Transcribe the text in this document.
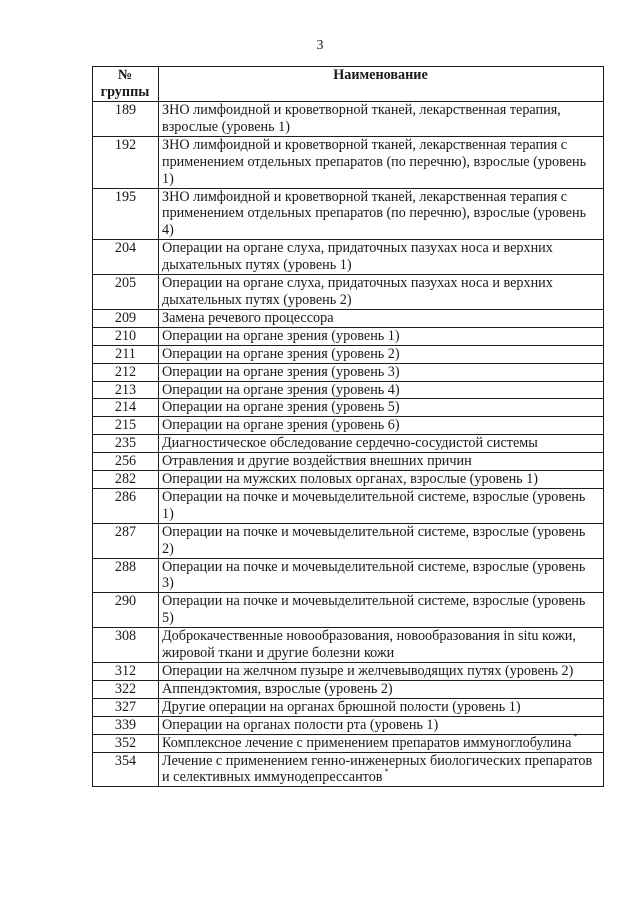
3
№
группы	Наименование
189	ЗНО лимфоидной и кроветворной тканей, лекарственная терапия, взрослые (уровень 1)
192	ЗНО лимфоидной и кроветворной тканей, лекарственная терапия с применением отдельных препаратов (по перечню), взрослые (уровень 1)
195	ЗНО лимфоидной и кроветворной тканей, лекарственная терапия с применением отдельных препаратов (по перечню), взрослые (уровень 4)
204	Операции на органе слуха, придаточных пазухах носа и верхних дыхательных путях (уровень 1)
205	Операции на органе слуха, придаточных пазухах носа и верхних дыхательных путях (уровень 2)
209	Замена речевого процессора
210	Операции на органе зрения (уровень 1)
211	Операции на органе зрения (уровень 2)
212	Операции на органе зрения (уровень 3)
213	Операции на органе зрения (уровень 4)
214	Операции на органе зрения (уровень 5)
215	Операции на органе зрения (уровень 6)
235	Диагностическое обследование сердечно-сосудистой системы
256	Отравления и другие воздействия внешних причин
282	Операции на мужских половых органах, взрослые (уровень 1)
286	Операции на почке и мочевыделительной системе, взрослые (уровень 1)
287	Операции на почке и мочевыделительной системе, взрослые (уровень 2)
288	Операции на почке и мочевыделительной системе, взрослые (уровень 3)
290	Операции на почке и мочевыделительной системе, взрослые (уровень 5)
308	Доброкачественные новообразования, новообразования in situ кожи, жировой ткани и другие болезни кожи
312	Операции на желчном пузыре и желчевыводящих путях (уровень 2)
322	Аппендэктомия, взрослые (уровень 2)
327	Другие операции на органах брюшной полости (уровень 1)
339	Операции на органах полости рта (уровень 1)
352	Комплексное лечение с применением препаратов иммуноглобулина *
354	Лечение с применением генно-инженерных биологических препаратов и селективных иммунодепрессантов *
